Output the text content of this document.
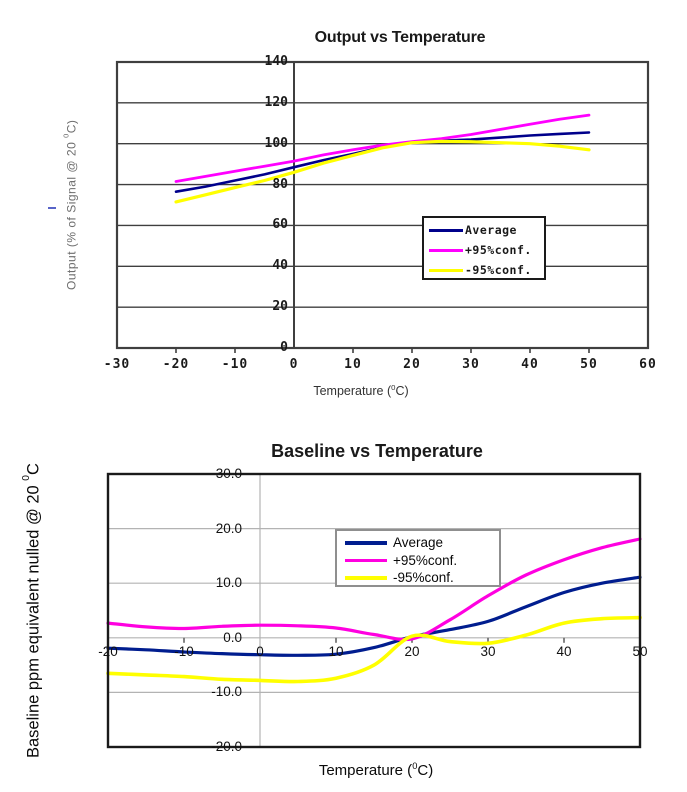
Output vs Temperature
Output (% of Signal @ 20 $^0$C)
0
20
40
60
80
100
120
140
-30	-20	-10	0	10	20	30	40	50	60
Temperature ($^0$C)
Average
+95%conf.
-95%conf.
Baseline vs Temperature
Baseline ppm equivalent nulled @ 20 $^0$C
-20.0
-10.0
0.0
10.0
20.0
30.0
-20	-10	0	10	20	30	40	50
Temperature ($^0$C)
Average
+95%conf.
-95%conf.
